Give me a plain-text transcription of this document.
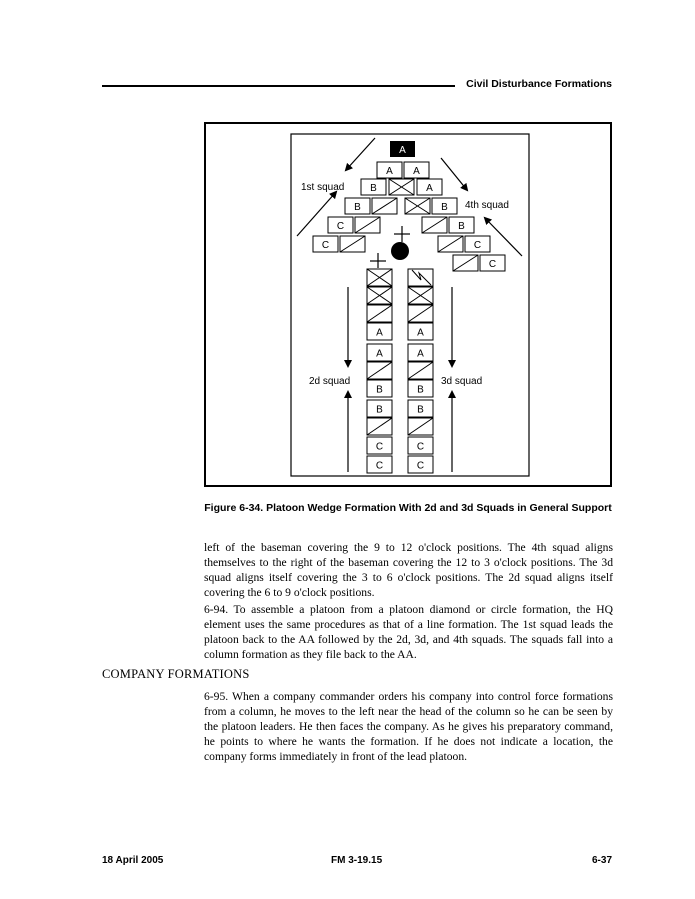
Civil Disturbance Formations
A
A A
B	A
B	B
C	B
C	C
C
1st squad
4th squad
2d squad	3d squad
A
A
B
B
C
C
A
A
B
B
C
C
Figure 6-34. Platoon Wedge Formation With 2d and 3d Squads in General Support

left of the baseman covering the 9 to 12 o'clock positions. The 4th squad aligns themselves to the right of the baseman covering the 12 to 3 o'clock positions. The 3d squad aligns itself covering the 3 to 6 o'clock positions. The 2d squad aligns itself covering the 6 to 9 o'clock positions.

6-94. To assemble a platoon from a platoon diamond or circle formation, the HQ element uses the same procedures as that of a line formation. The 1st squad leads the platoon back to the AA followed by the 2d, 3d, and 4th squads. The squads fall into a column formation as they file back to the AA.

COMPANY FORMATIONS

6-95. When a company commander orders his company into control force formations from a column, he moves to the left near the head of the column so he can be seen by the platoon leaders. He then faces the company. As he gives his preparatory command, he points to where he wants the formation. If he does not indicate a location, the company forms immediately in front of the lead platoon.

18 April 2005	FM 3-19.15	6-37
